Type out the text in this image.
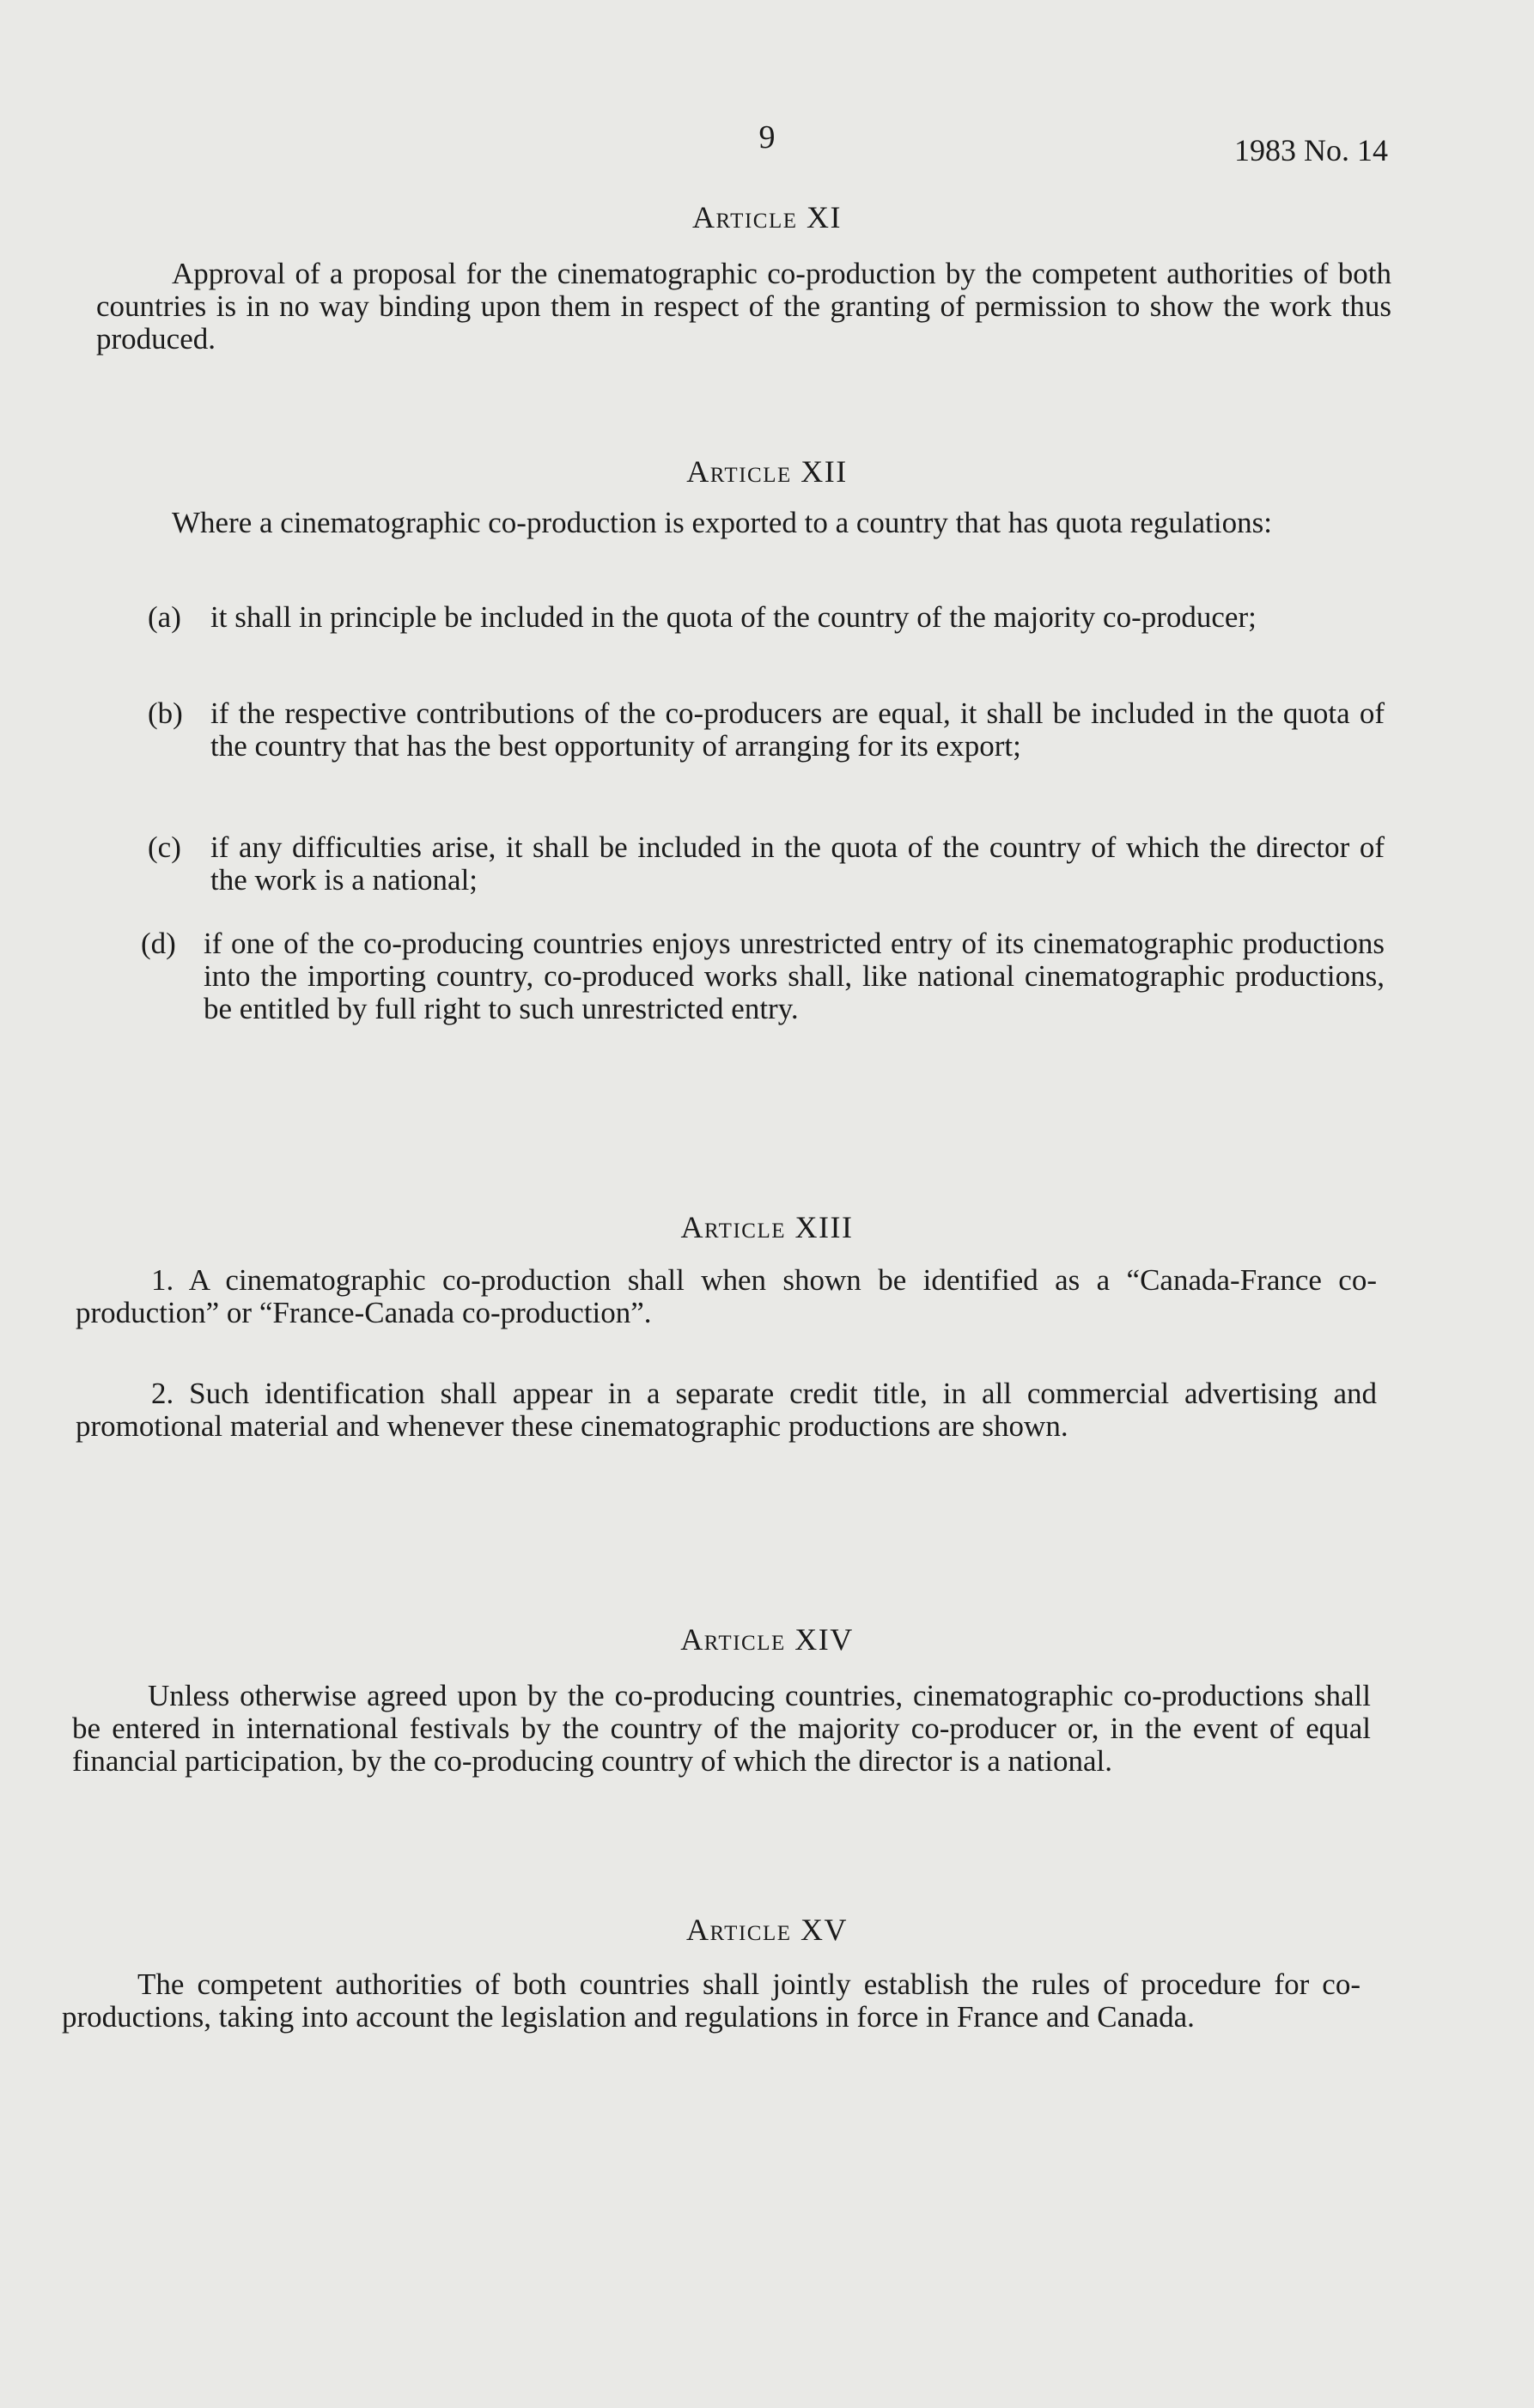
9	1983 No. 14
Article XI
Approval of a proposal for the cinematographic co-production by the competent authorities of both countries is in no way binding upon them in respect of the granting of permission to show the work thus produced.
Article XII
Where a cinematographic co-production is exported to a country that has quota regulations:
(a) it shall in principle be included in the quota of the country of the majority co-producer;
(b) if the respective contributions of the co-producers are equal, it shall be included in the quota of the country that has the best opportunity of arranging for its export;
(c) if any difficulties arise, it shall be included in the quota of the country of which the director of the work is a national;
(d) if one of the co-producing countries enjoys unrestricted entry of its cinematographic productions into the importing country, co-produced works shall, like national cinematographic productions, be entitled by full right to such unrestricted entry.
Article XIII
1. A cinematographic co-production shall when shown be identified as a “Canada-France co-production” or “France-Canada co-production”.
2. Such identification shall appear in a separate credit title, in all commercial advertising and promotional material and whenever these cinematographic productions are shown.
Article XIV
Unless otherwise agreed upon by the co-producing countries, cinematographic co-productions shall be entered in international festivals by the country of the majority co-producer or, in the event of equal financial participation, by the co-producing country of which the director is a national.
Article XV
The competent authorities of both countries shall jointly establish the rules of procedure for co-productions, taking into account the legislation and regulations in force in France and Canada.
